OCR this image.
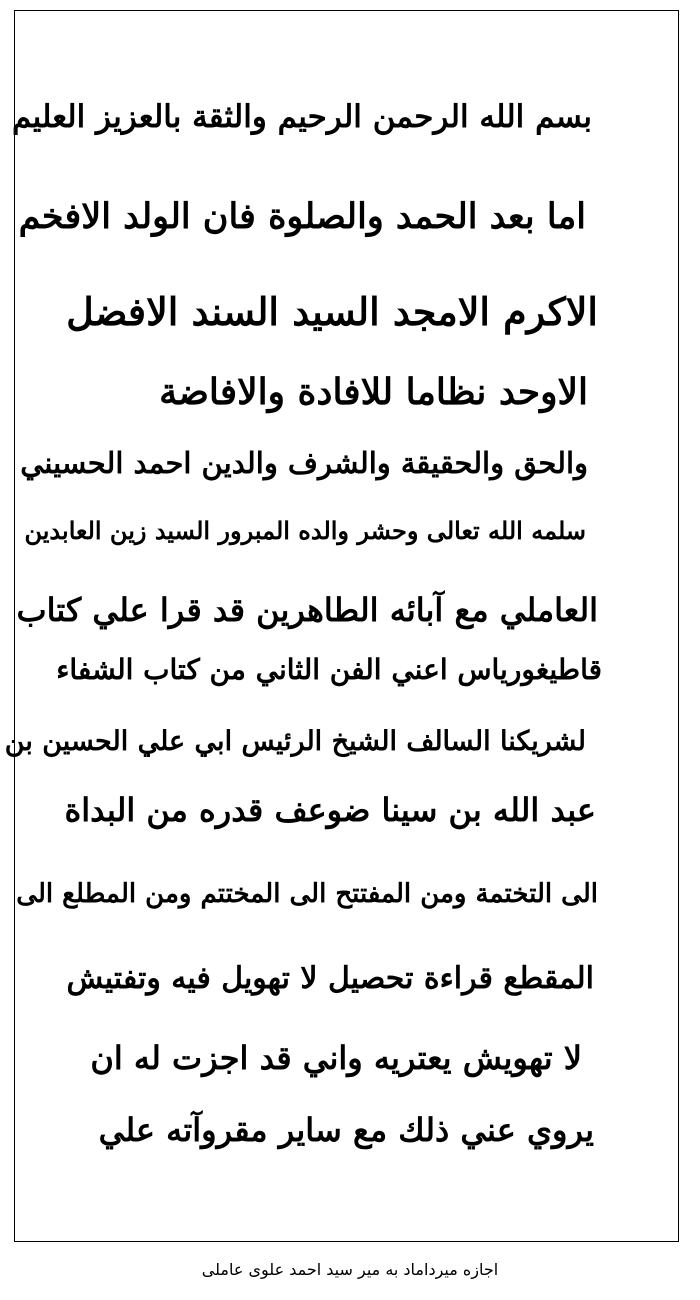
بسم الله الرحمن الرحيم والثقة بالعزيز العليم
اما بعد الحمد والصلوة فان الولد الافخم
الاكرم الامجد السيد السند الافضل
الاوحد نظاما للافادة والافاضة
والحق والحقيقة والشرف والدين احمد الحسيني
سلمه الله تعالى وحشر والده المبرور السيد زين العابدين
العاملي مع آبائه الطاهرين قد قرا علي كتاب
قاطيغورياس اعني الفن الثاني من كتاب الشفاء
لشريكنا السالف الشيخ الرئيس ابي علي الحسين بن
عبد الله بن سينا ضوعف قدره من البداة
الى التختمة ومن المفتتح الى المختتم ومن المطلع الى
المقطع قراءة تحصيل لا تهويل فيه وتفتيش
لا تهويش يعتريه واني قد اجزت له ان
يروي عني ذلك مع ساير مقروآته علي
اجازه میرداماد به میر سید احمد علوی عاملی
